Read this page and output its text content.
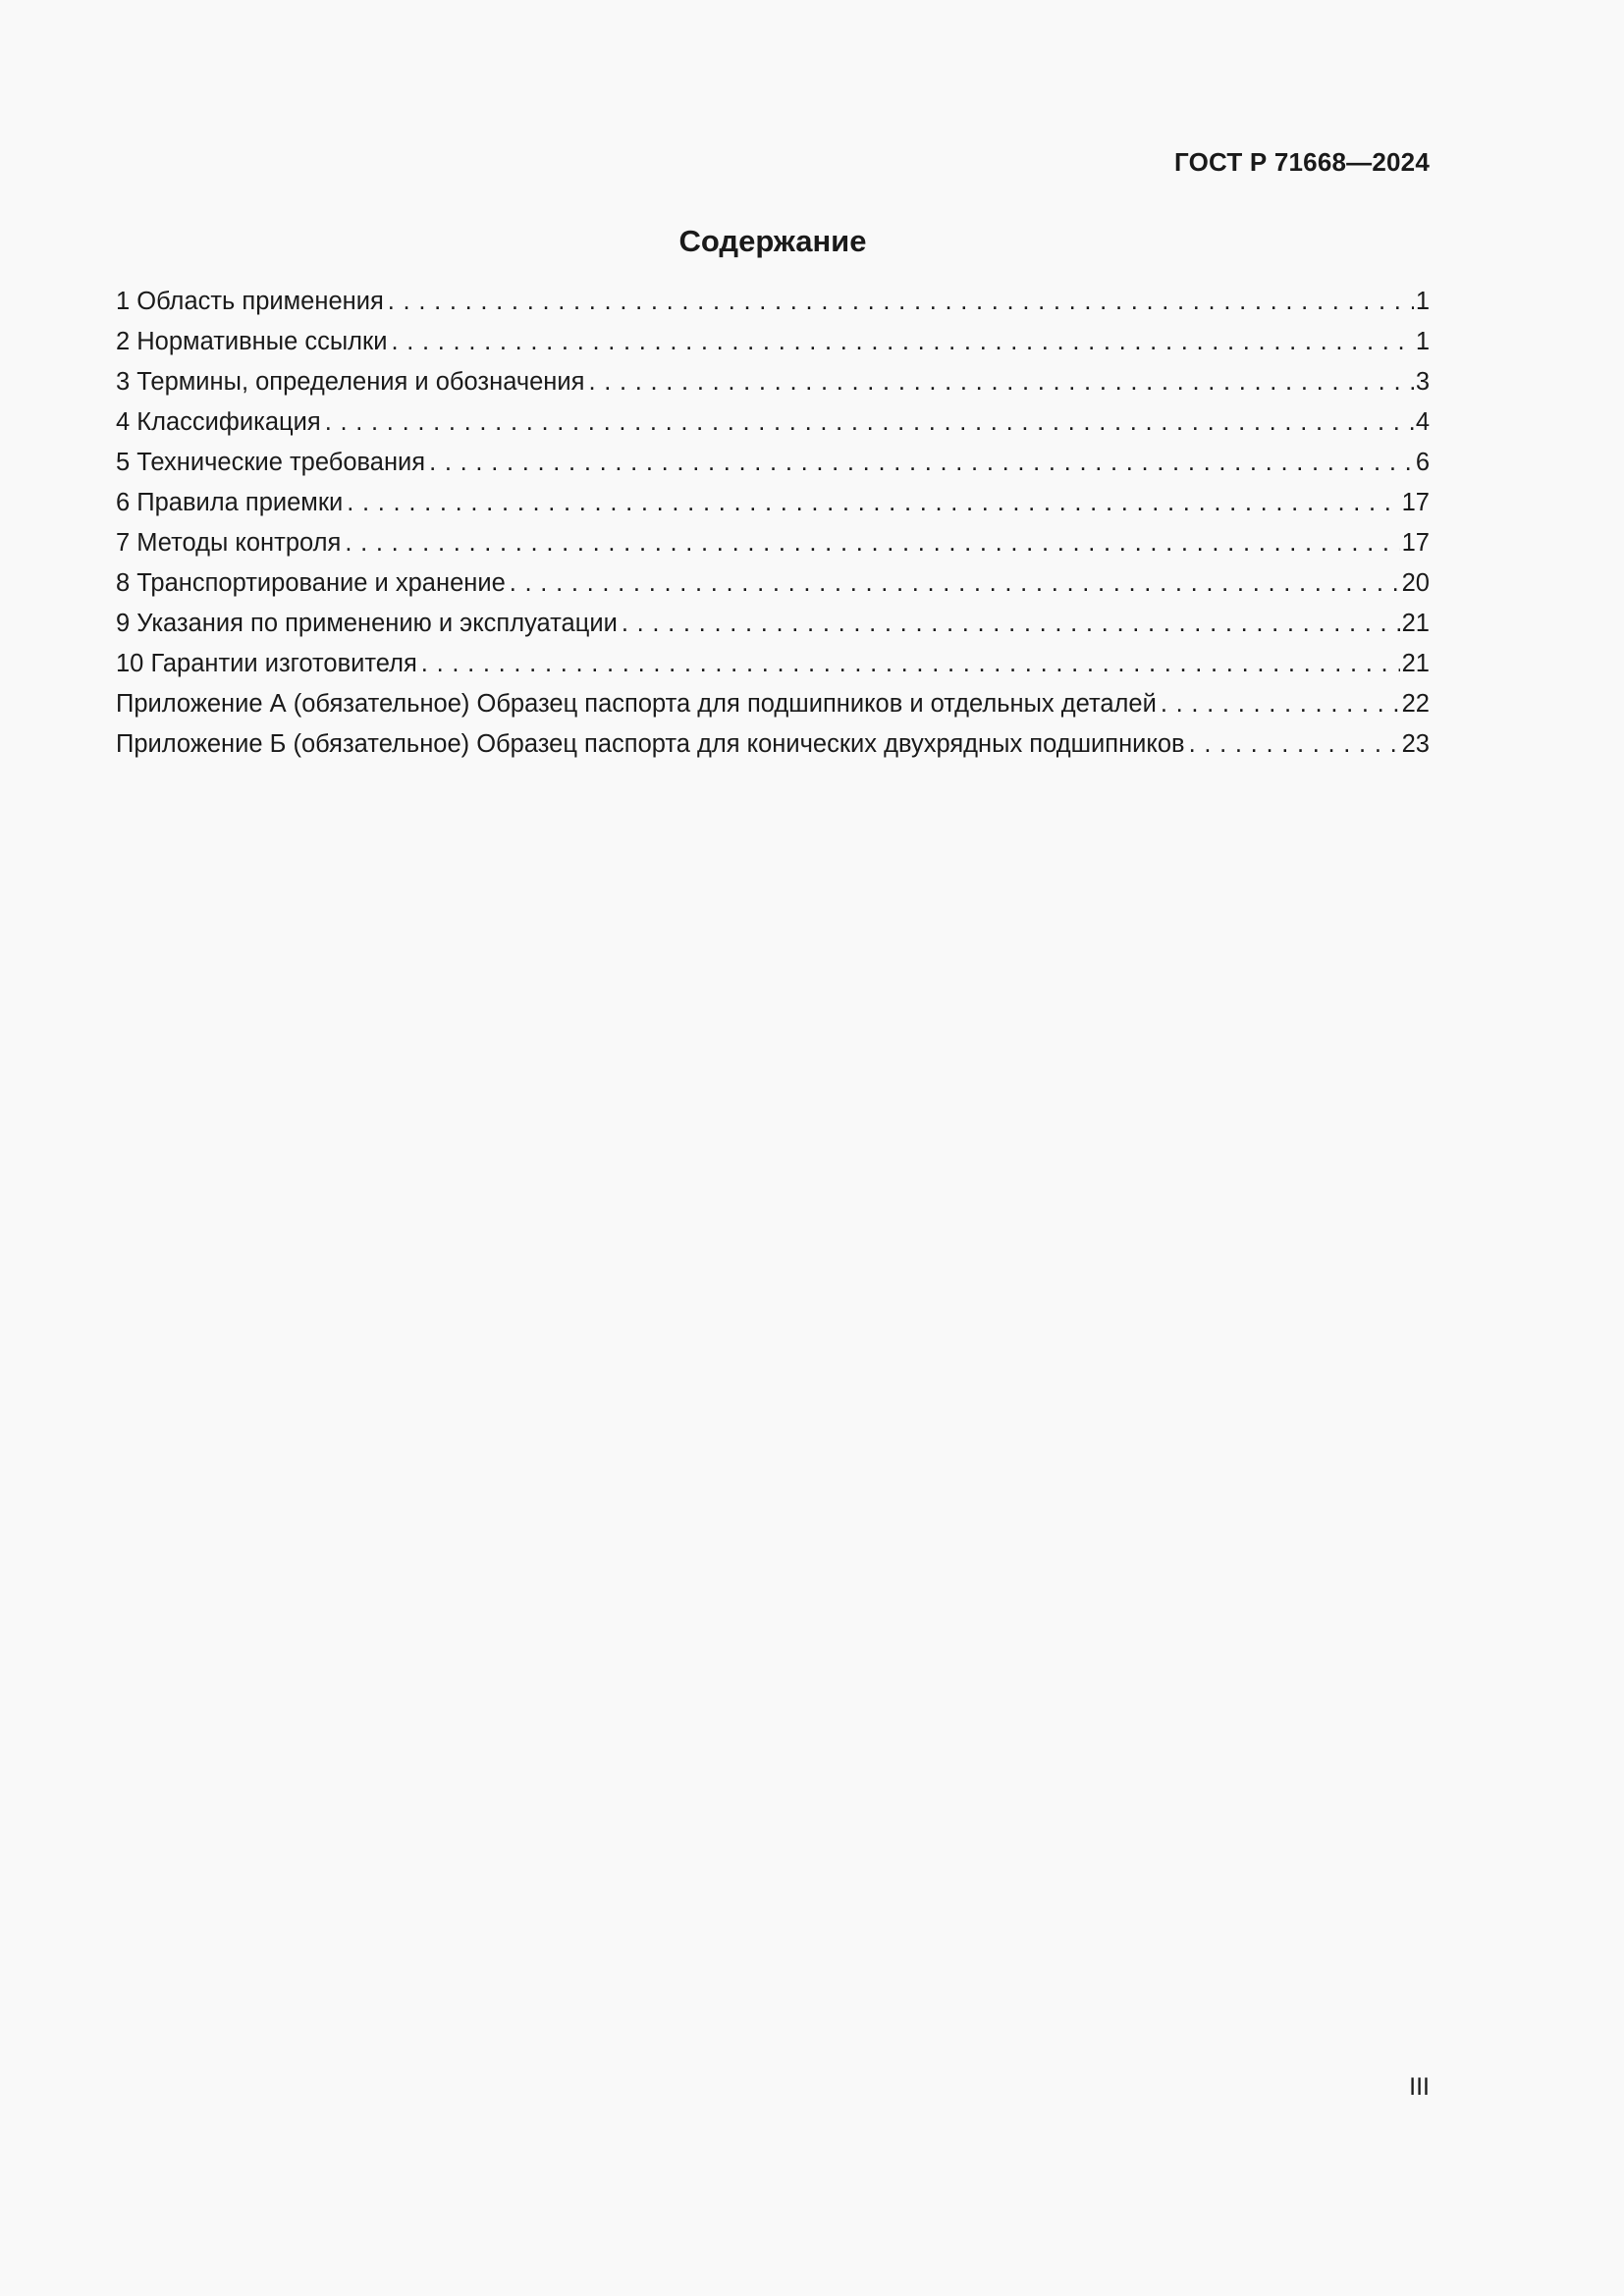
ГОСТ Р 71668—2024
Содержание
1 Область применения . . .	1
2 Нормативные ссылки . . .	1
3 Термины, определения и обозначения . . .	3
4 Классификация . . .	4
5 Технические требования . . .	6
6 Правила приемки . . .	17
7 Методы контроля . . .	17
8 Транспортирование и хранение . . .	20
9 Указания по применению и эксплуатации . . .	21
10 Гарантии изготовителя . . .	21
Приложение А (обязательное) Образец паспорта для подшипников и отдельных деталей . . .	22
Приложение Б (обязательное) Образец паспорта для конических двухрядных подшипников . . .	23
III
